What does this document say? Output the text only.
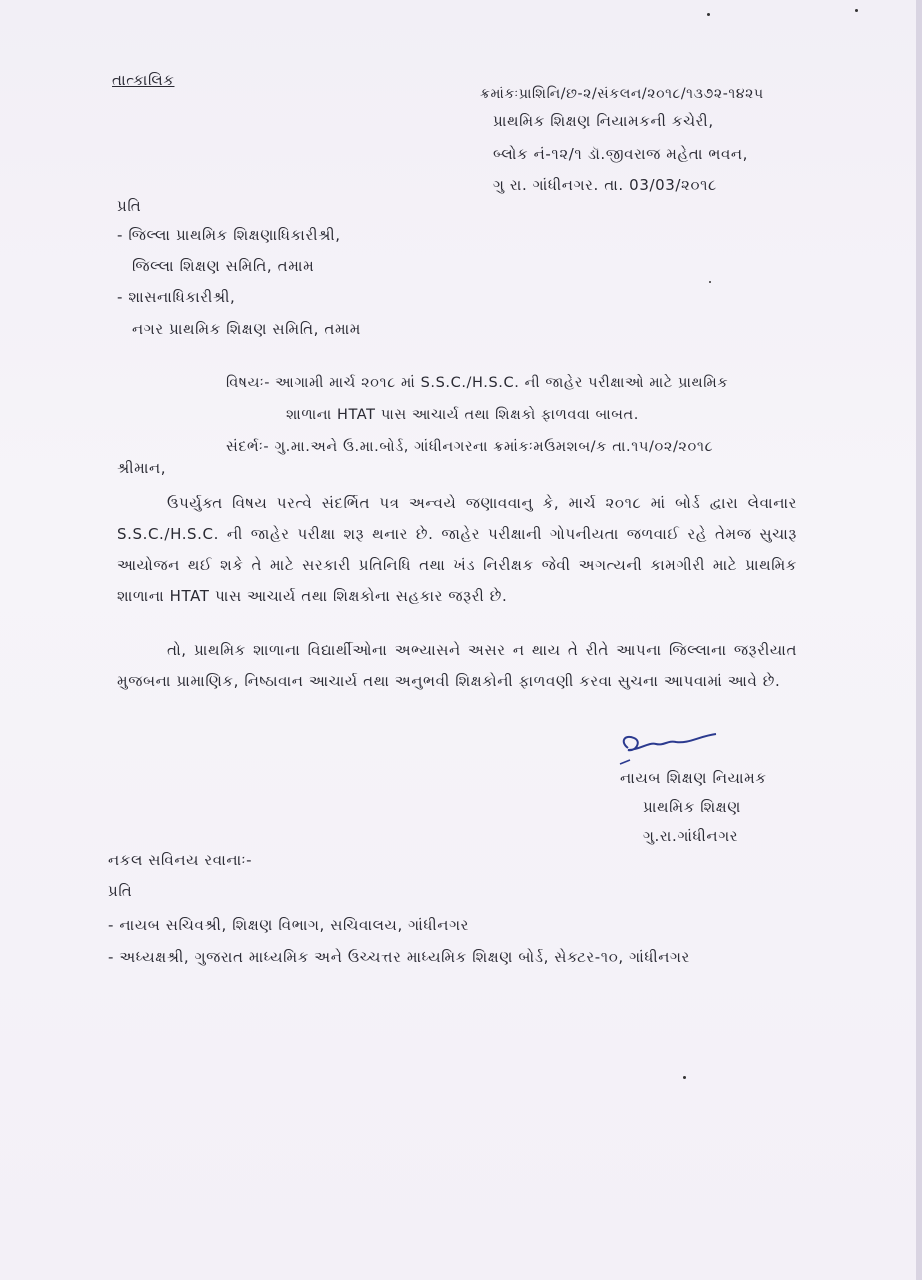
તાત્કાલિક
ક્રમાંકઃપ્રાશિનિ/છ-૨/સંકલન/૨૦૧૮/૧૩૭૨-૧૪૨૫
પ્રાથમિક શિક્ષણ નિયામકની કચેરી,
બ્લોક નં-૧૨/૧ ડૉ.જીવરાજ મહેતા ભવન,
ગુ રા. ગાંધીનગર. તા. 03/03/૨૦૧૮
પ્રતિ
- જિલ્લા પ્રાથમિક શિક્ષણાધિકારીશ્રી,
જિલ્લા શિક્ષણ સમિતિ, તમામ
- શાસનાધિકારીશ્રી,
નગર પ્રાથમિક શિક્ષણ સમિતિ, તમામ
વિષયઃ- આગામી માર્ચ ૨૦૧૮ માં S.S.C./H.S.C. ની જાહેર પરીક્ષાઓ માટે પ્રાથમિક
શાળાના HTAT પાસ આચાર્ય તથા શિક્ષકો ફાળવવા બાબત.
સંદર્ભઃ- ગુ.મા.અને ઉ.મા.બોર્ડ, ગાંધીનગરના ક્રમાંકઃમઉમશબ/ક તા.૧૫/૦૨/૨૦૧૮
શ્રીમાન,
ઉપર્યુક્ત વિષય પરત્વે સંદર્ભિત પત્ર અન્વયે જણાવવાનુ કે, માર્ચ ૨૦૧૮ માં બોર્ડ દ્વારા લેવાનાર S.S.C./H.S.C. ની જાહેર પરીક્ષા શરૂ થનાર છે. જાહેર પરીક્ષાની ગોપનીયતા જળવાઈ રહે તેમજ સુચારૂ આયોજન થઈ શકે તે માટે સરકારી પ્રતિનિધિ તથા ખંડ નિરીક્ષક જેવી અગત્યની કામગીરી માટે પ્રાથમિક શાળાના HTAT પાસ આચાર્ય તથા શિક્ષકોના સહકાર જરૂરી છે.
તો, પ્રાથમિક શાળાના વિદ્યાર્થીઓના અભ્યાસને અસર ન થાય તે રીતે આપના જિલ્લાના જરૂરીયાત મુજબના પ્રામાણિક, નિષ્ઠાવાન આચાર્ય તથા અનુભવી શિક્ષકોની ફાળવણી કરવા સુચના આપવામાં આવે છે.
નાયબ શિક્ષણ નિયામક
પ્રાથમિક શિક્ષણ
ગુ.રા.ગાંધીનગર
નકલ સવિનય રવાનાઃ-
પ્રતિ
- નાયબ સચિવશ્રી, શિક્ષણ વિભાગ, સચિવાલય, ગાંધીનગર
- અધ્યક્ષશ્રી, ગુજરાત માધ્યમિક અને ઉચ્ચત્તર માધ્યમિક શિક્ષણ બોર્ડ, સેક્ટર-૧૦, ગાંધીનગર
